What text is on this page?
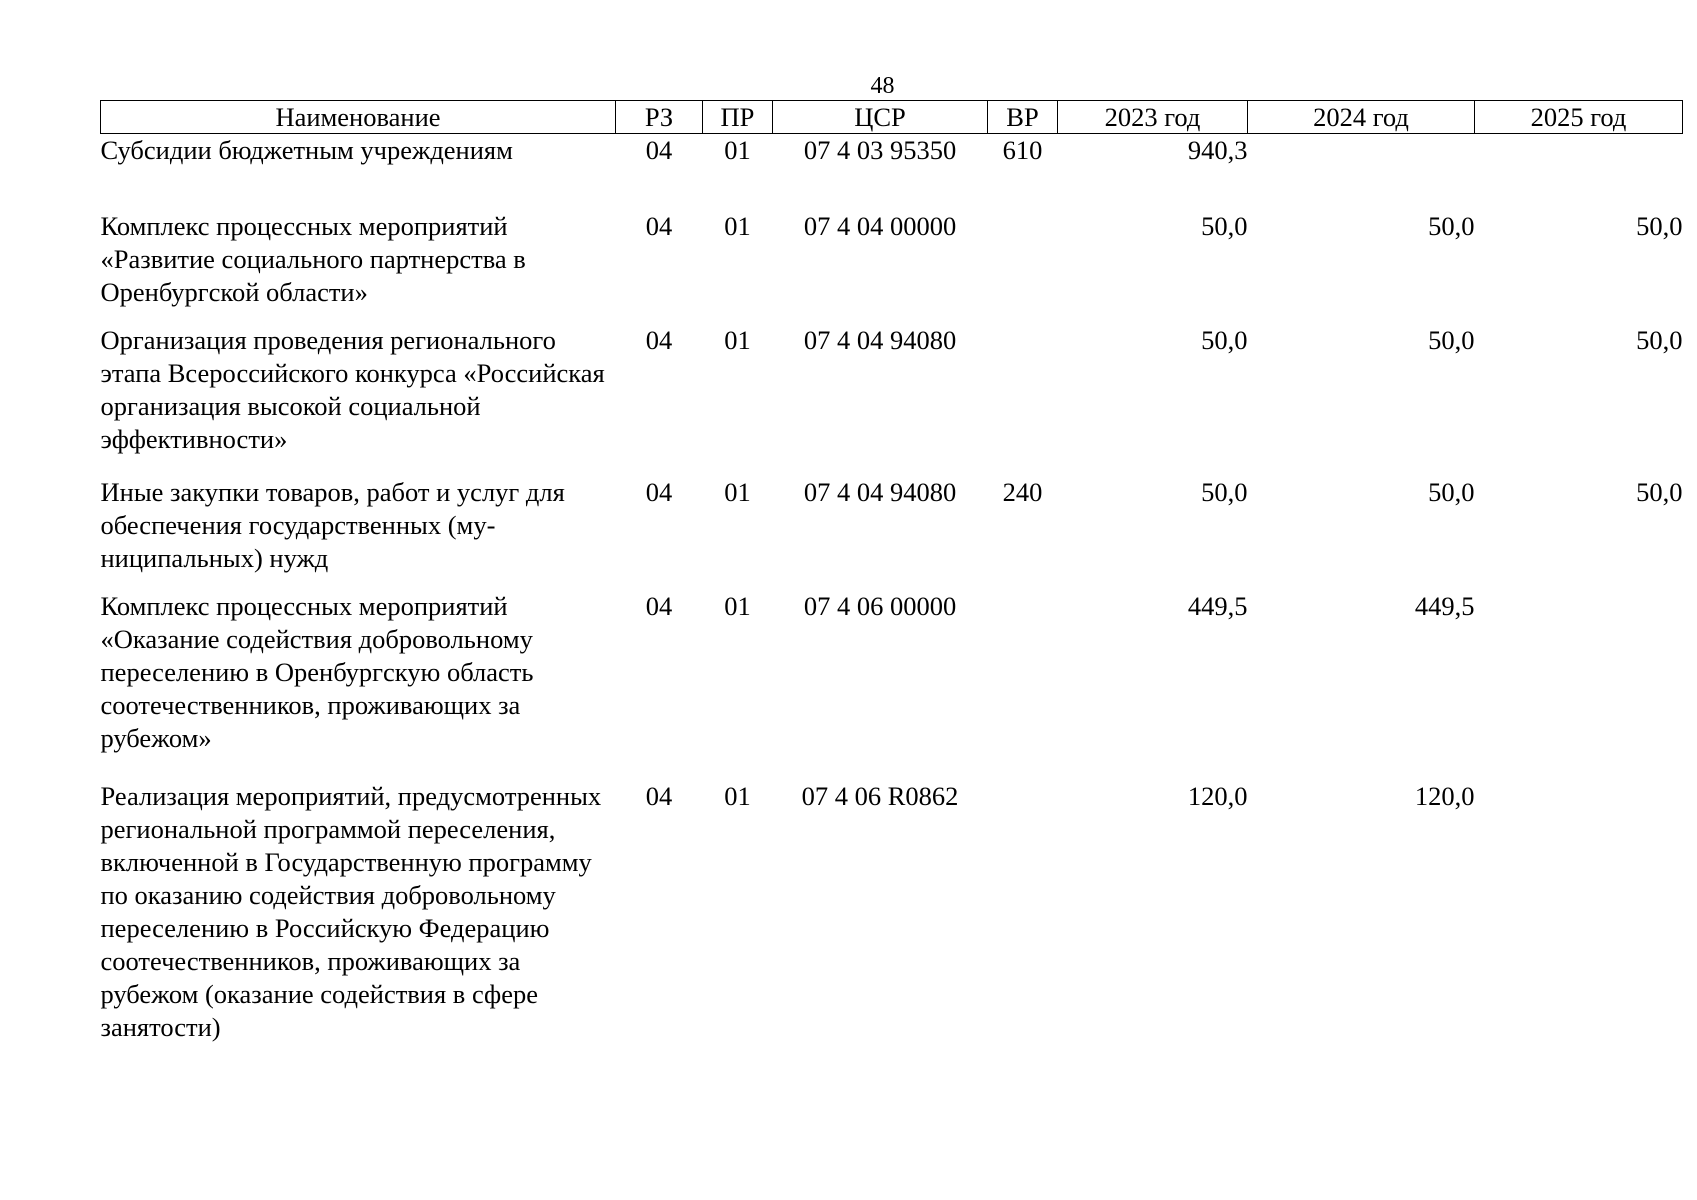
48
Наименование	РЗ	ПР	ЦСР	ВР	2023 год	2024 год	2025 год
Субсидии бюджетным учреждениям	04	01	07 4 03 95350	610	940,3		
Комплекс процессных мероприятий «Развитие социального партнерства в Оренбургской области»	04	01	07 4 04 00000		50,0	50,0	50,0
Организация проведения регионального этапа Всероссийского конкурса «Российская организация высокой социальной эффективности»	04	01	07 4 04 94080		50,0	50,0	50,0
Иные закупки товаров, работ и услуг для обеспечения государственных (муниципальных) нужд	04	01	07 4 04 94080	240	50,0	50,0	50,0
Комплекс процессных мероприятий «Оказание содействия добровольному переселению в Оренбургскую область соотечественников, проживающих за рубежом»	04	01	07 4 06 00000		449,5	449,5	
Реализация мероприятий, предусмотренных региональной программой переселения, включенной в Государственную программу по оказанию содействия добровольному переселению в Российскую Федерацию соотечественников, проживающих за рубежом (оказание содействия в сфере занятости)	04	01	07 4 06 R0862		120,0	120,0	
